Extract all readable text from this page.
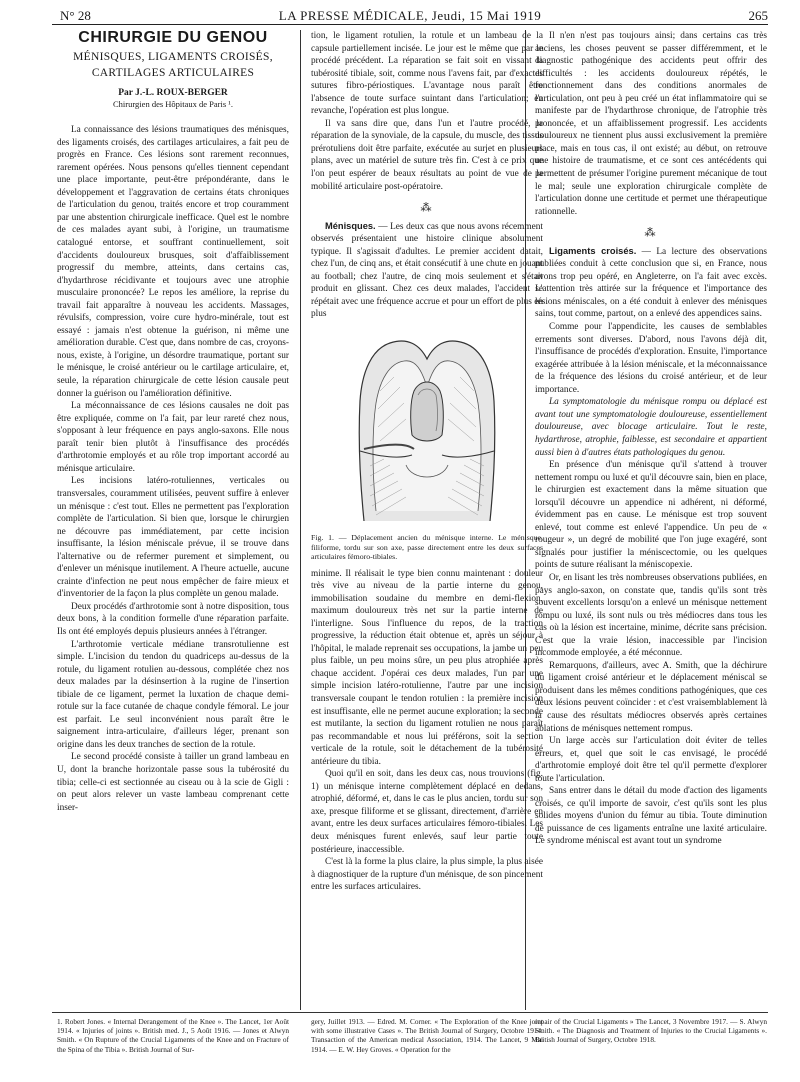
N° 28	LA PRESSE MÉDICALE, Jeudi, 15 Mai 1919	265
CHIRURGIE DU GENOU
MÉNISQUES, LIGAMENTS CROISÉS,
CARTILAGES ARTICULAIRES
Par J.-L. ROUX-BERGER
Chirurgien des Hôpitaux de Paris ¹.

La connaissance des lésions traumatiques des ménisques, des ligaments croisés, des cartilages articulaires, a fait peu de progrès en France. Ces lésions sont rarement reconnues, rarement opérées. Nous pensons qu'elles tiennent cependant une place importante, peut-être prépondérante, dans le développement et l'aggravation de certains états chroniques de l'articulation du genou, traités encore et trop couramment par une abstention chirurgicale inefficace. Quel est le nombre de ces malades ayant subi, à l'origine, un traumatisme catalogué entorse, et souffrant continuellement, soit d'accidents douloureux brusques, soit d'affaiblissement progressif du membre, atteints, dans certains cas, d'hydarthrose récidivante et toujours avec une atrophie musculaire prononcée? Le repos les améliore, la reprise du travail fait apparaître à nouveau les accidents. Massages, révulsifs, compression, voire cure hydro-minérale, tout est essayé : jamais n'est obtenue la guérison, ni même une amélioration durable. C'est que, dans nombre de cas, croyons-nous, existe, à l'origine, un désordre traumatique, portant sur le ménisque, le croisé antérieur ou le cartilage articulaire, et, seule, la réparation chirurgicale de cette lésion causale peut donner la guérison ou l'amélioration définitive.

La méconnaissance de ces lésions causales ne doit pas être expliquée, comme on l'a fait, par leur rareté chez nous, s'opposant à leur fréquence en pays anglo-saxons. Elle nous paraît tenir bien plutôt à l'insuffisance des procédés d'arthrotomie employés et au rôle trop important accordé au ménisque articulaire.

Les incisions latéro-rotuliennes, verticales ou transversales, couramment utilisées, peuvent suffire à enlever un ménisque : c'est tout. Elles ne permettent pas l'exploration complète de l'articulation. Si bien que, lorsque le chirurgien ne découvre pas immédiatement, par cette incision insuffisante, la lésion méniscale prévue, il se trouve dans l'alternative ou de refermer purement et simplement, ou d'enlever un ménisque inutilement. A l'heure actuelle, aucune crainte d'infection ne peut nous empêcher de faire mieux et d'inventorier de la façon la plus complète un genou malade.

Deux procédés d'arthrotomie sont à notre disposition, tous deux bons, à la condition formelle d'une réparation parfaite. Ils ont été employés depuis plusieurs années à l'étranger.

L'arthrotomie verticale médiane transrotulienne est simple. L'incision du tendon du quadriceps au-dessus de la rotule, du ligament rotulien au-dessous, complétée chez nos deux malades par la désinsertion à la rugine de l'insertion tibiale de ce ligament, permet la luxation de chaque demi-rotule sur la face cutanée de chaque condyle fémoral. Le jour est parfait. Le seul inconvénient nous paraît être le saignement intra-articulaire, d'ailleurs léger, prenant son origine dans les deux tranches de section de la rotule.

Le second procédé consiste à tailler un grand lambeau en U, dont la branche horizontale passe sous la tubérosité du tibia; celle-ci est sectionnée au ciseau ou à la scie de Gigli : on peut alors relever un vaste lambeau comprenant cette inser-

tion, le ligament rotulien, la rotule et un lambeau de la capsule partiellement incisée. Le jour est le même que par le procédé précédent. La réparation se fait soit en vissant la tubérosité tibiale, soit, comme nous l'avens fait, par d'exactes sutures fibro-périostiques. L'avantage nous paraît être l'absence de toute surface suintant dans l'articulation; en revanche, l'opération est plus longue.

Il va sans dire que, dans l'un et l'autre procédé, la réparation de la synoviale, de la capsule, du muscle, des tissus prérotuliens doit être parfaite, exécutée au surjet en plusieurs plans, avec un matériel de suture très fin. C'est à ce prix que l'on peut espérer de beaux résultats au point de vue de la mobilité articulaire post-opératoire.

⁂

Ménisques. — Les deux cas que nous avons récemment observés présentaient une histoire clinique absolument typique. Il s'agissait d'adultes. Le premier accident datait, chez l'un, de cinq ans, et était consécutif à une chute en jouant au football; chez l'autre, de cinq mois seulement et s'était produit en glissant. Chez ces deux malades, l'accident se répétait avec une fréquence accrue et pour un effort de plus en plus

Fig. 1. — Déplacement ancien du ménisque interne. Le ménisque, filiforme, tordu sur son axe, passe directement entre les deux surfaces articulaires fémoro-tibiales.

minime. Il réalisait le type bien connu maintenant : douleur très vive au niveau de la partie interne du genou, immobilisation soudaine du membre en demi-flexion, maximum douloureux très net sur la partie interne de l'interligne. Sous l'influence du repos, de la traction progressive, la réduction était obtenue et, après un séjour à l'hôpital, le malade reprenait ses occupations, la jambe un peu plus faible, un peu moins sûre, un peu plus atrophiée après chaque accident. J'opérai ces deux malades, l'un par une simple incision latéro-rotulienne, l'autre par une incision transversale coupant le tendon rotulien : la première incision est insuffisante, elle ne permet aucune exploration; la seconde est mutilante, la section du ligament rotulien ne nous paraît pas recommandable et nous lui préférons, soit la section verticale de la rotule, soit le détachement de la tubérosité antérieure du tibia.

Quoi qu'il en soit, dans les deux cas, nous trouvions (fig. 1) un ménisque interne complètement déplacé en dedans, atrophié, déformé, et, dans le cas le plus ancien, tordu sur son axe, presque filiforme et se glissant, directement, d'arrière en avant, entre les deux surfaces articulaires fémoro-tibiales. Les deux ménisques furent enlevés, sauf leur partie toute postérieure, inaccessible.

C'est là la forme la plus claire, la plus simple, la plus aisée à diagnostiquer de la rupture d'un ménisque, de son pincement entre les surfaces articulaires.

Il n'en n'est pas toujours ainsi; dans certains cas très anciens, les choses peuvent se passer différemment, et le diagnostic pathogénique des accidents peut offrir des difficultés : les accidents douloureux répétés, le fonctionnement dans des conditions anormales de l'articulation, ont peu à peu créé un état inflammatoire qui se manifeste par de l'hydarthrose chronique, de l'atrophie très prononcée, et un affaiblissement progressif. Les accidents douloureux ne tiennent plus aussi exclusivement la première place, mais en tous cas, il ont existé; au début, on retrouve une histoire de traumatisme, et ce sont ces antécédents qui permettent de présumer l'origine purement mécanique de tout le mal; seule une exploration chirurgicale complète de l'articulation donne une certitude et permet une thérapeutique rationnelle.

⁂

Ligaments croisés. — La lecture des observations publiées conduit à cette conclusion que si, en France, nous avons trop peu opéré, en Angleterre, on l'a fait avec excès. L'attention très attirée sur la fréquence et l'importance des lésions méniscales, on a été conduit à enlever des ménisques sains, tout comme, partout, on a enlevé des appendices sains.

Comme pour l'appendicite, les causes de semblables errements sont diverses. D'abord, nous l'avons déjà dit, l'insuffisance de procédés d'exploration. Ensuite, l'importance exagérée attribuée à la lésion méniscale, et la méconnaissance de la fréquence des lésions du croisé antérieur, et de leur importance.

La symptomatologie du ménisque rompu ou déplacé est avant tout une symptomatologie douloureuse, essentiellement douloureuse, avec blocage articulaire. Tout le reste, hydarthrose, atrophie, faiblesse, est secondaire et appartient aussi bien à d'autres états pathologiques du genou.

En présence d'un ménisque qu'il s'attend à trouver nettement rompu ou luxé et qu'il découvre sain, bien en place, le chirurgien est exactement dans la même situation que lorsqu'il découvre un appendice ni adhérent, ni déformé, évidemment pas en cause. Le ménisque est trop souvent enlevé, tout comme est enlevé l'appendice. Un peu de « rougeur », un degré de mobilité que l'on juge exagéré, sont signalés pour justifier la méniscectomie, ou les quelques points de suture réalisant la méniscopexie.

Or, en lisant les très nombreuses observations publiées, en pays anglo-saxon, on constate que, tandis qu'ils sont très souvent excellents lorsqu'on a enlevé un ménisque nettement rompu ou luxé, ils sont nuls ou très médiocres dans tous les cas où la lésion est incertaine, minime, décrite sans précision. C'est que la vraie lésion, inaccessible par l'incision incommode employée, a été méconnue.

Remarquons, d'ailleurs, avec A. Smith, que la déchirure du ligament croisé antérieur et le déplacement méniscal se produisent dans les mêmes conditions pathogéniques, que ces deux lésions peuvent coïncider : et c'est vraisemblablement là la cause des résultats médiocres observés après certaines ablations de ménisques nettement rompus.

Un large accès sur l'articulation doit éviter de telles erreurs, et, quel que soit le cas envisagé, le procédé d'arthrotomie employé doit être tel qu'il permette d'explorer toute l'articulation.

Sans entrer dans le détail du mode d'action des ligaments croisés, ce qu'il importe de savoir, c'est qu'ils sont les plus solides moyens d'union du fémur au tibia. Toute diminution de puissance de ces ligaments entraîne une laxité articulaire. Le syndrome méniscal est avant tout un syndrome

1. Robert Jones. « Internal Derangement of the Knee ». The Lancet, 1er Août 1914. « Injuries of joints ». British med. J., 5 Août 1916. — Jones et Alwyn Smith. « On Rupture of the Crucial Ligaments of the Knee and on Fracture of the Spina of the Tibia ». British Journal of Sur-
gery, Juillet 1913. — Edred. M. Corner. « The Exploration of the Knee joint with some illustrative Cases ». The British Journal of Surgery, Octobre 1914. Transaction of the American medical Association, 1914. The Lancet, 9 Mai 1914. — E. W. Hey Groves. « Operation for the
repair of the Crucial Ligaments » The Lancet, 3 Novembre 1917. — S. Alwyn Smith. « The Diagnosis and Treatment of Injuries to the Crucial Ligaments ». British Journal of Surgery, Octobre 1918.
